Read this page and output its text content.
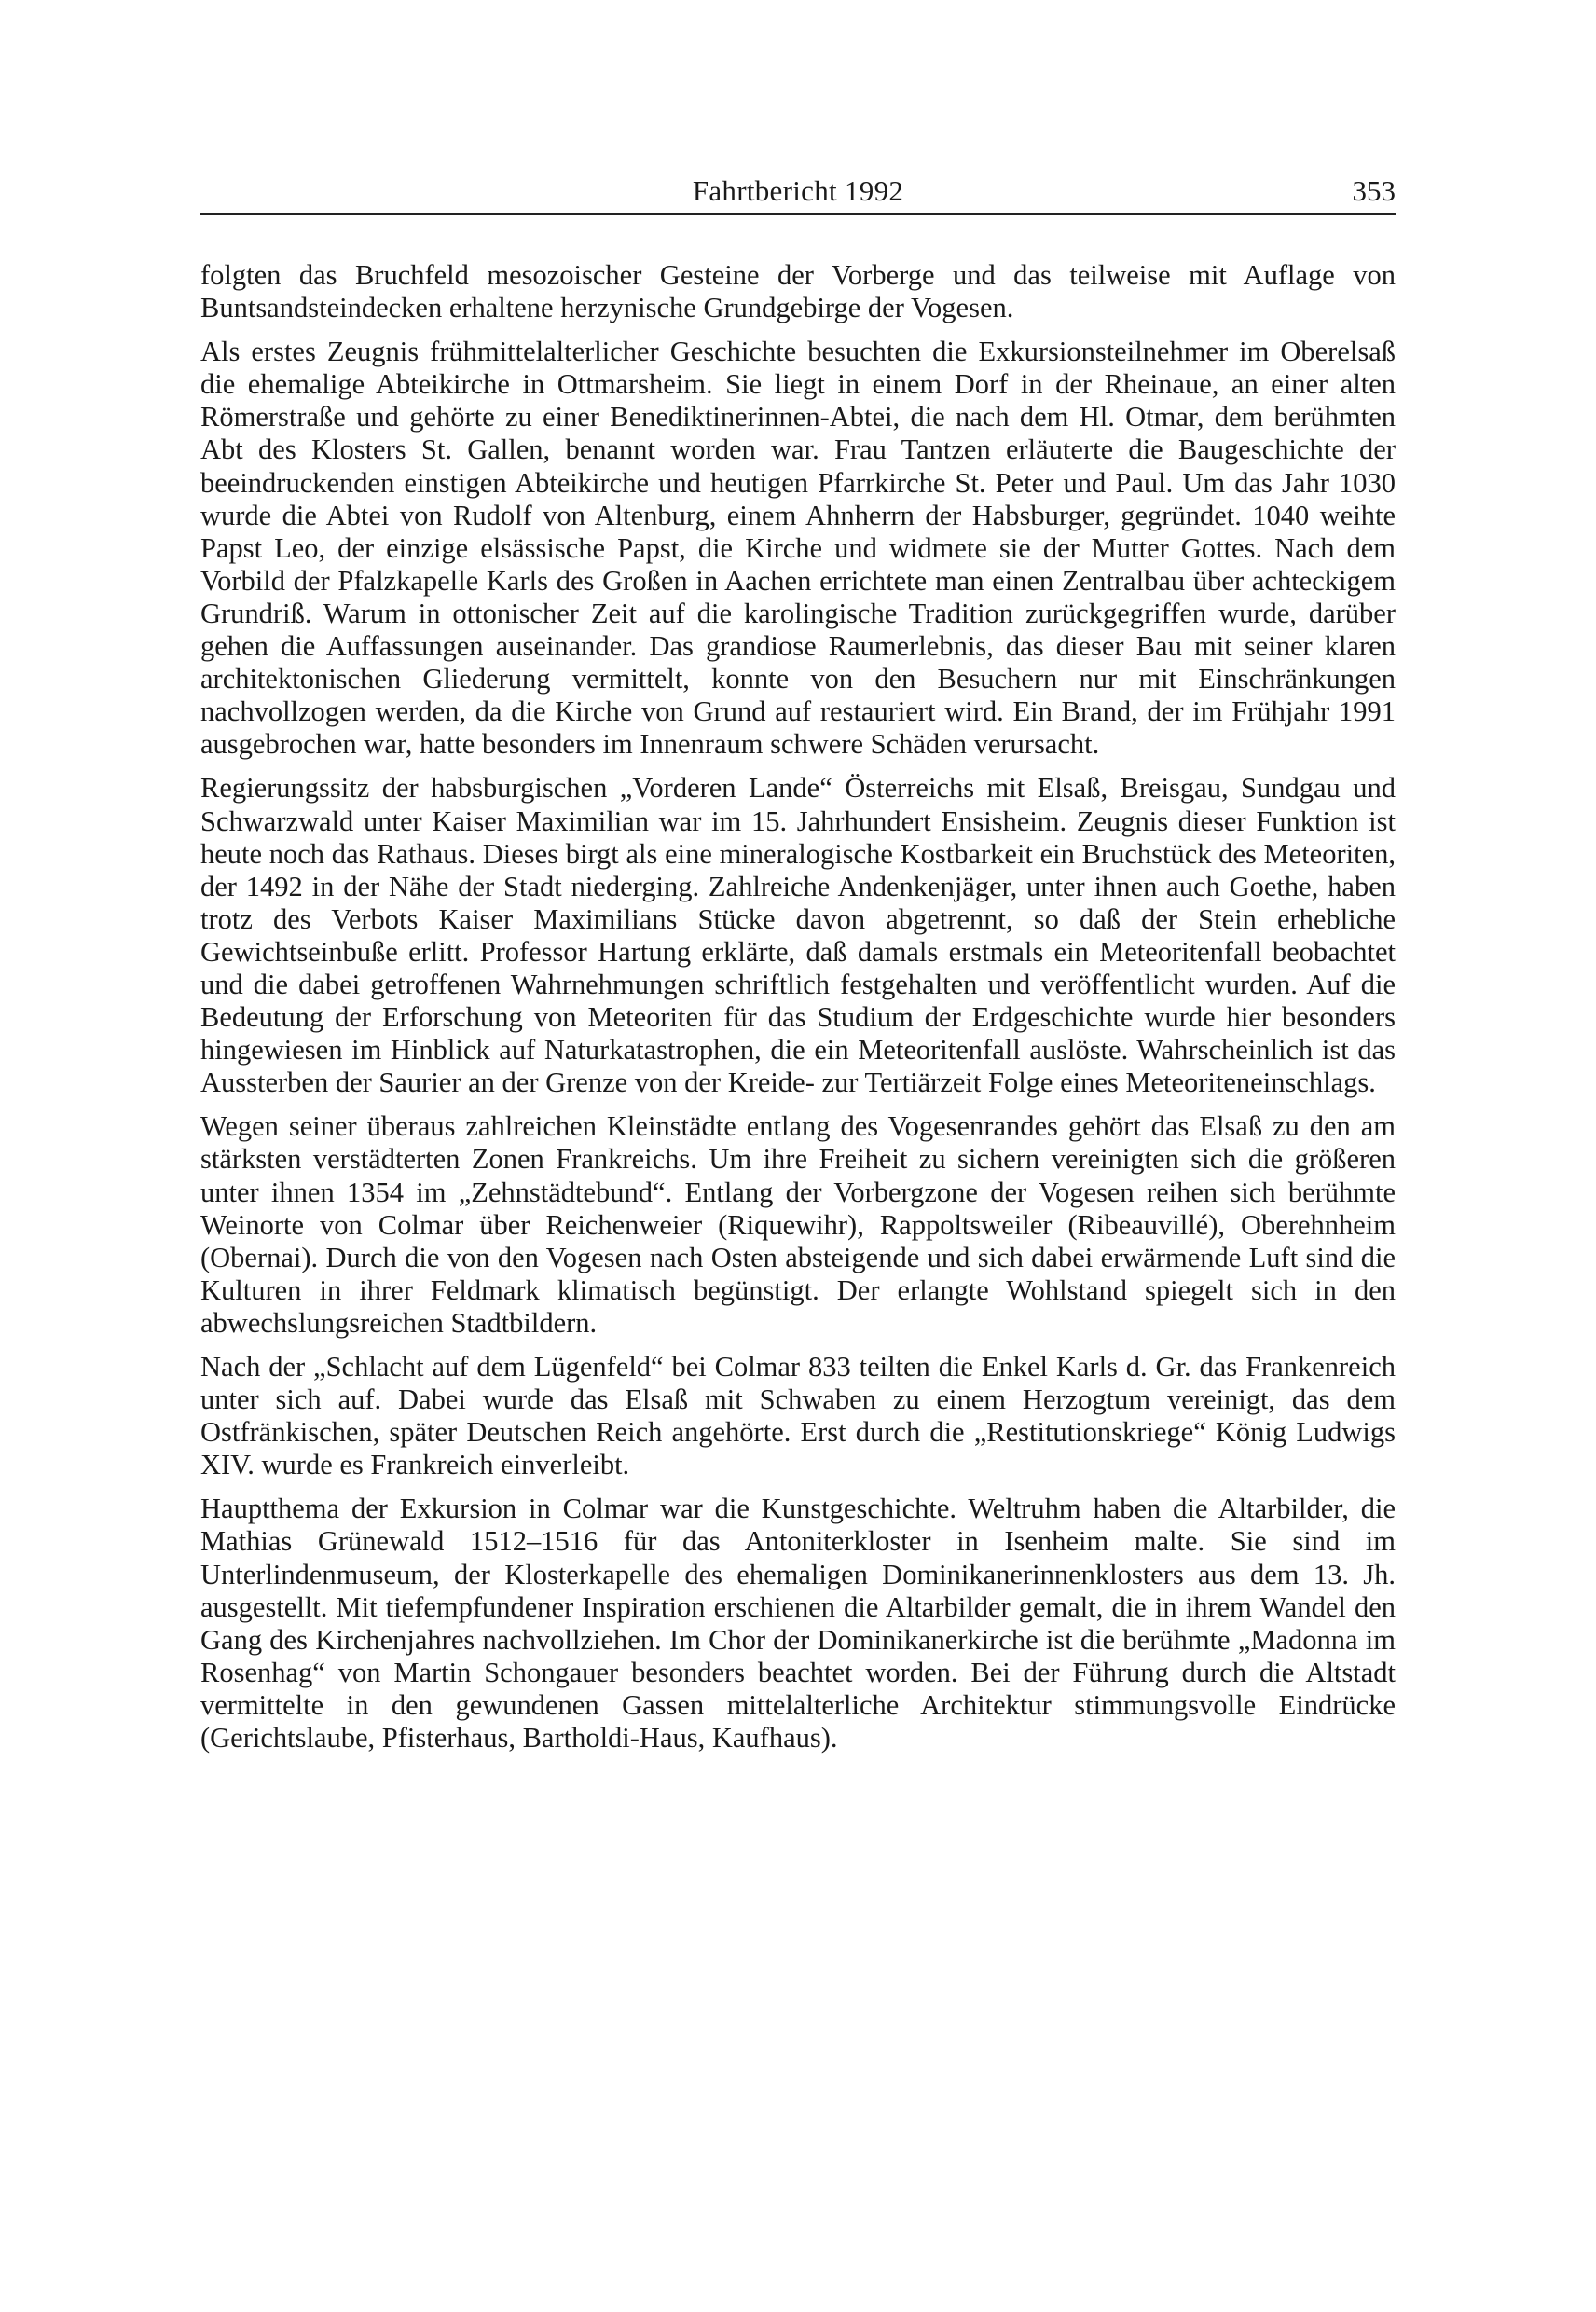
Fahrtbericht 1992	353

folgten das Bruchfeld mesozoischer Gesteine der Vorberge und das teilweise mit Auflage von Buntsandsteindecken erhaltene herzynische Grundgebirge der Vogesen.

Als erstes Zeugnis frühmittelalterlicher Geschichte besuchten die Exkursionsteilnehmer im Oberelsaß die ehemalige Abteikirche in Ottmarsheim. Sie liegt in einem Dorf in der Rheinaue, an einer alten Römerstraße und gehörte zu einer Benediktinerinnen-Abtei, die nach dem Hl. Otmar, dem berühmten Abt des Klosters St. Gallen, benannt worden war. Frau Tantzen erläuterte die Baugeschichte der beeindruckenden einstigen Abteikirche und heutigen Pfarrkirche St. Peter und Paul. Um das Jahr 1030 wurde die Abtei von Rudolf von Altenburg, einem Ahnherrn der Habsburger, gegründet. 1040 weihte Papst Leo, der einzige elsässische Papst, die Kirche und widmete sie der Mutter Gottes. Nach dem Vorbild der Pfalzkapelle Karls des Großen in Aachen errichtete man einen Zentralbau über achteckigem Grundriß. Warum in ottonischer Zeit auf die karolingische Tradition zurückgegriffen wurde, darüber gehen die Auffassungen auseinander. Das grandiose Raumerlebnis, das dieser Bau mit seiner klaren architektonischen Gliederung vermittelt, konnte von den Besuchern nur mit Einschränkungen nachvollzogen werden, da die Kirche von Grund auf restauriert wird. Ein Brand, der im Frühjahr 1991 ausgebrochen war, hatte besonders im Innenraum schwere Schäden verursacht.

Regierungssitz der habsburgischen „Vorderen Lande“ Österreichs mit Elsaß, Breisgau, Sundgau und Schwarzwald unter Kaiser Maximilian war im 15. Jahrhundert Ensisheim. Zeugnis dieser Funktion ist heute noch das Rathaus. Dieses birgt als eine mineralogische Kostbarkeit ein Bruchstück des Meteoriten, der 1492 in der Nähe der Stadt niederging. Zahlreiche Andenkenjäger, unter ihnen auch Goethe, haben trotz des Verbots Kaiser Maximilians Stücke davon abgetrennt, so daß der Stein erhebliche Gewichtseinbuße erlitt. Professor Hartung erklärte, daß damals erstmals ein Meteoritenfall beobachtet und die dabei getroffenen Wahrnehmungen schriftlich festgehalten und veröffentlicht wurden. Auf die Bedeutung der Erforschung von Meteoriten für das Studium der Erdgeschichte wurde hier besonders hingewiesen im Hinblick auf Naturkatastrophen, die ein Meteoritenfall auslöste. Wahrscheinlich ist das Aussterben der Saurier an der Grenze von der Kreide- zur Tertiärzeit Folge eines Meteoriteneinschlags.

Wegen seiner überaus zahlreichen Kleinstädte entlang des Vogesenrandes gehört das Elsaß zu den am stärksten verstädterten Zonen Frankreichs. Um ihre Freiheit zu sichern vereinigten sich die größeren unter ihnen 1354 im „Zehnstädtebund“. Entlang der Vorbergzone der Vogesen reihen sich berühmte Weinorte von Colmar über Reichenweier (Riquewihr), Rappoltsweiler (Ribeauvillé), Oberehnheim (Obernai). Durch die von den Vogesen nach Osten absteigende und sich dabei erwärmende Luft sind die Kulturen in ihrer Feldmark klimatisch begünstigt. Der erlangte Wohlstand spiegelt sich in den abwechslungsreichen Stadtbildern.

Nach der „Schlacht auf dem Lügenfeld“ bei Colmar 833 teilten die Enkel Karls d. Gr. das Frankenreich unter sich auf. Dabei wurde das Elsaß mit Schwaben zu einem Herzogtum vereinigt, das dem Ostfränkischen, später Deutschen Reich angehörte. Erst durch die „Restitutionskriege“ König Ludwigs XIV. wurde es Frankreich einverleibt.

Hauptthema der Exkursion in Colmar war die Kunstgeschichte. Weltruhm haben die Altarbilder, die Mathias Grünewald 1512–1516 für das Antoniterkloster in Isenheim malte. Sie sind im Unterlindenmuseum, der Klosterkapelle des ehemaligen Dominikanerinnenklosters aus dem 13. Jh. ausgestellt. Mit tiefempfundener Inspiration erschienen die Altarbilder gemalt, die in ihrem Wandel den Gang des Kirchenjahres nachvollziehen. Im Chor der Dominikanerkirche ist die berühmte „Madonna im Rosenhag“ von Martin Schongauer besonders beachtet worden. Bei der Führung durch die Altstadt vermittelte in den gewundenen Gassen mittelalterliche Architektur stimmungsvolle Eindrücke (Gerichtslaube, Pfisterhaus, Bartholdi-Haus, Kaufhaus).
